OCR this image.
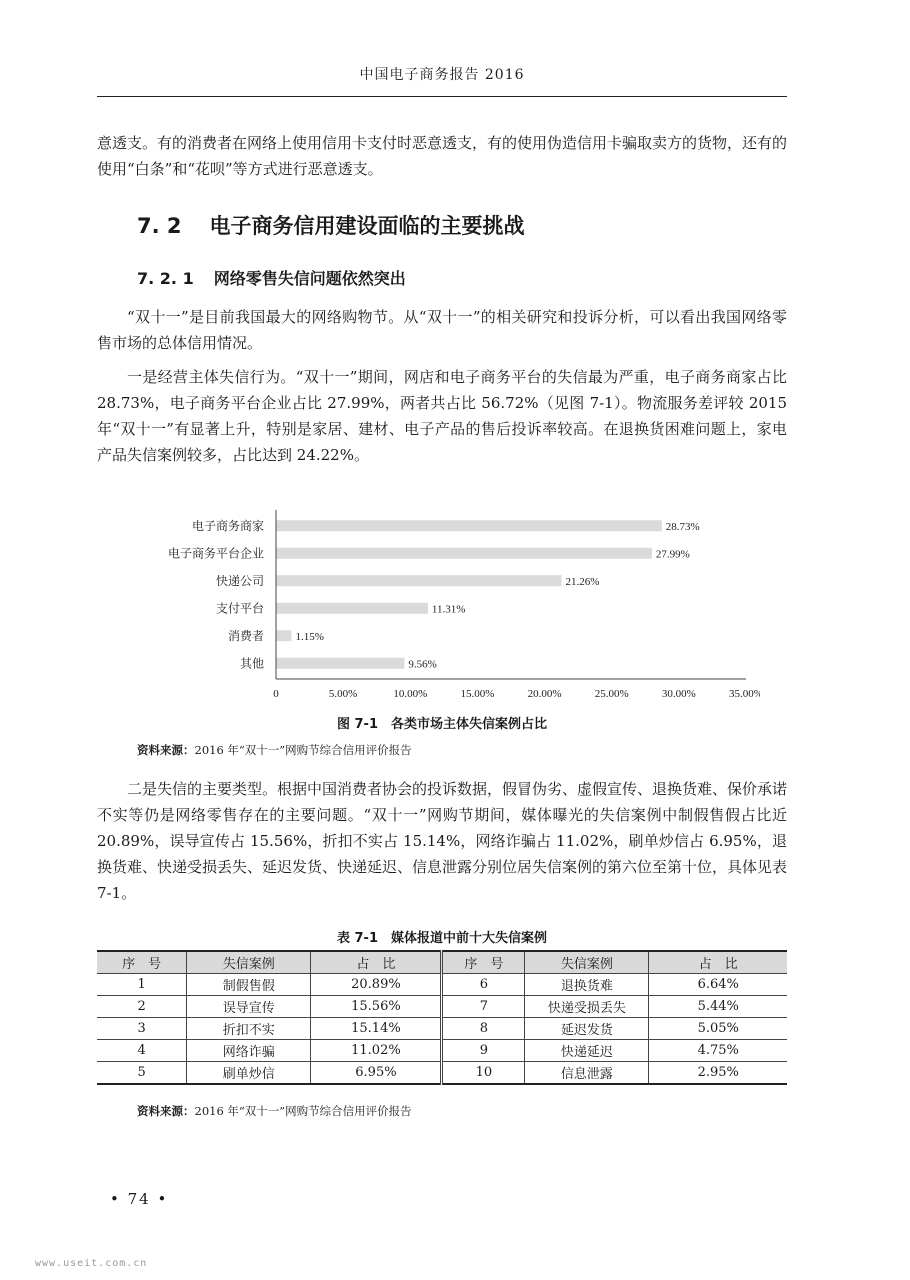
中国电子商务报告 2016

意透支。有的消费者在网络上使用信用卡支付时恶意透支，有的使用伪造信用卡骗取卖方的货物，还有的使用“白条”和“花呗”等方式进行恶意透支。

7. 2 电子商务信用建设面临的主要挑战
7. 2. 1 网络零售失信问题依然突出

“双十一”是目前我国最大的网络购物节。从“双十一”的相关研究和投诉分析，可以看出我国网络零售市场的总体信用情况。

一是经营主体失信行为。“双十一”期间，网店和电子商务平台的失信最为严重，电子商务商家占比 28.73%，电子商务平台企业占比 27.99%，两者共占比 56.72%（见图 7-1）。物流服务差评较 2015 年“双十一”有显著上升，特别是家居、建材、电子产品的售后投诉率较高。在退换货困难问题上，家电产品失信案例较多，占比达到 24.22%。

电子商务商家	28.73%
电子商务平台企业	27.99%
快递公司	21.26%
支付平台	11.31%
消费者	1.15%
其他	9.56%
0	5.00%	10.00%	15.00%	20.00%	25.00%	30.00%	35.00%
图 7-1　各类市场主体失信案例占比
资料来源：2016 年“双十一”网购节综合信用评价报告

二是失信的主要类型。根据中国消费者协会的投诉数据，假冒伪劣、虚假宣传、退换货难、保价承诺不实等仍是网络零售存在的主要问题。“双十一”网购节期间，媒体曝光的失信案例中制假售假占比近 20.89%，误导宣传占 15.56%，折扣不实占 15.14%，网络诈骗占 11.02%，刷单炒信占 6.95%，退换货难、快递受损丢失、延迟发货、快递延迟、信息泄露分别位居失信案例的第六位至第十位，具体见表 7-1。

表 7-1　媒体报道中前十大失信案例
序　号	失信案例	占　比	序　号	失信案例	占　比
1	制假售假	20.89%	6	退换货难	6.64%
2	误导宣传	15.56%	7	快递受损丢失	5.44%
3	折扣不实	15.14%	8	延迟发货	5.05%
4	网络诈骗	11.02%	9	快递延迟	4.75%
5	刷单炒信	6.95%	10	信息泄露	2.95%
资料来源：2016 年“双十一”网购节综合信用评价报告
• 74 •
www.useit.com.cn
